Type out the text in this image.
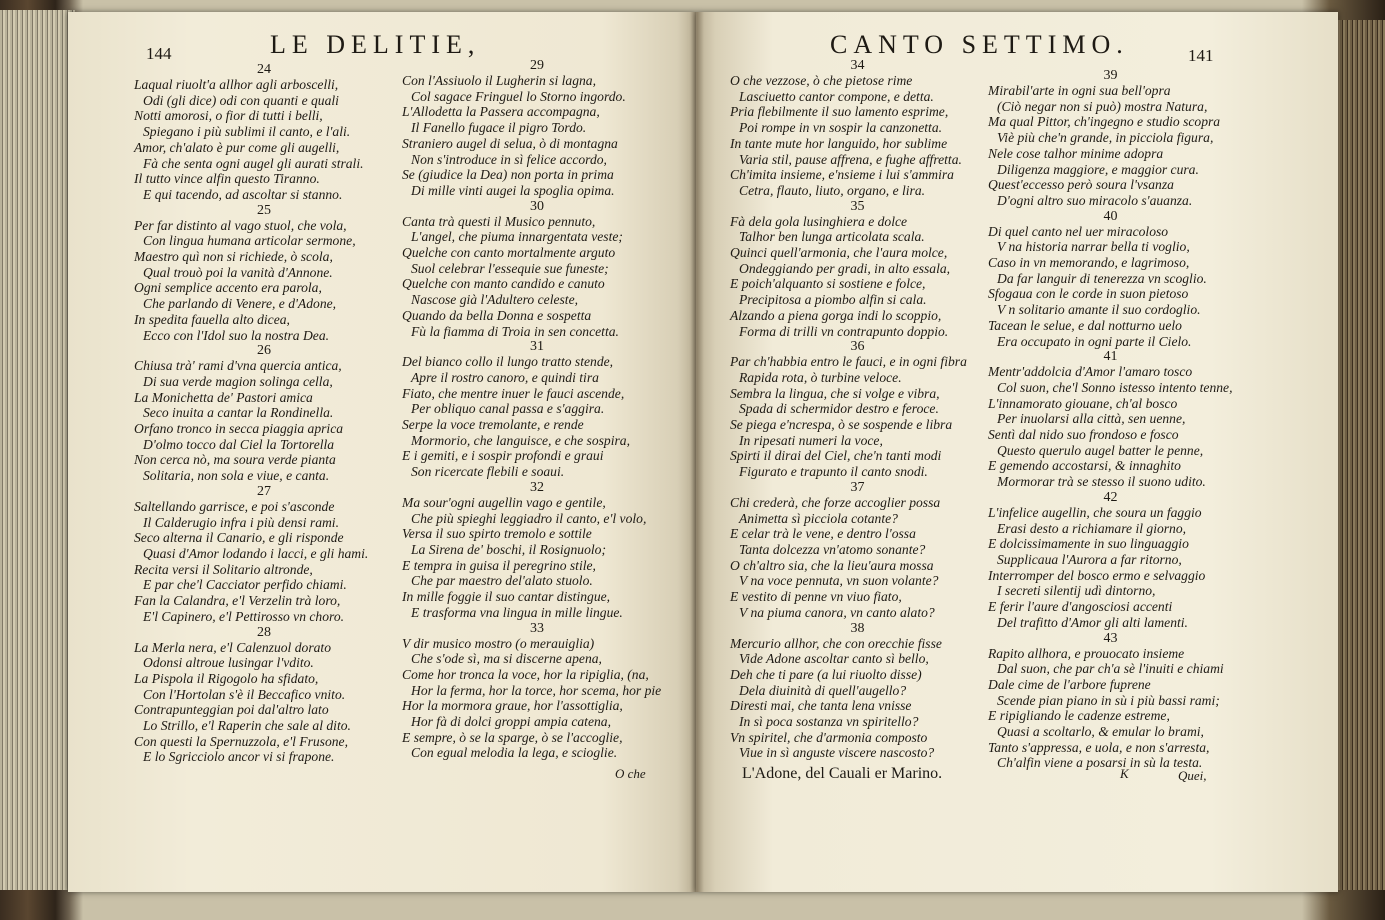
144	LE DELITIE,	CANTO SETTIMO.	141
24
Laqual riuolt'a allhor agli arboscelli,
Odi (gli dice) odi con quanti e quali
Notti amorosi, o fior di tutti i belli,
Spiegano i più sublimi il canto, e l'ali.
Amor, ch'alato è pur come gli augelli,
Fà che senta ogni augel gli aurati strali.
Il tutto vince alfin questo Tiranno.
E qui tacendo, ad ascoltar si stanno.
25
Per far distinto al vago stuol, che vola,
Con lingua humana articolar sermone,
Maestro quì non si richiede, ò scola,
Qual trouò poi la vanità d'Annone.
Ogni semplice accento era parola,
Che parlando di Venere, e d'Adone,
In spedita fauella alto dicea,
Ecco con l'Idol suo la nostra Dea.
26
Chiusa trà' rami d'vna quercia antica,
Di sua verde magion solinga cella,
La Monichetta de' Pastori amica
Seco inuita a cantar la Rondinella.
Orfano tronco in secca piaggia aprica
D'olmo tocco dal Ciel la Tortorella
Non cerca nò, ma soura verde pianta
Solitaria, non sola e viue, e canta.
27
Saltellando garrisce, e poi s'asconde
Il Calderugio infra i più densi rami.
Seco alterna il Canario, e gli risponde
Quasi d'Amor lodando i lacci, e gli hami.
Recita versi il Solitario altronde,
E par che'l Cacciator perfido chiami.
Fan la Calandra, e'l Verzelin trà loro,
E'l Capinero, e'l Pettirosso vn choro.
28
La Merla nera, e'l Calenzuol dorato
Odonsi altroue lusingar l'vdito.
La Pispola il Rigogolo ha sfidato,
Con l'Hortolan s'è il Beccafico vnito.
Contrapunteggian poi dal'altro lato
Lo Strillo, e'l Raperin che sale al dito.
Con questi la Spernuzzola, e'l Frusone,
E lo Sgricciolo ancor vi si frapone.
29
Con l'Assiuolo il Lugherin si lagna,
Col sagace Fringuel lo Storno ingordo.
L'Allodetta la Passera accompagna,
Il Fanello fugace il pigro Tordo.
Straniero augel di selua, ò di montagna
Non s'introduce in sì felice accordo,
Se (giudice la Dea) non porta in prima
Di mille vinti augei la spoglia opima.
30
Canta trà questi il Musico pennuto,
L'angel, che piuma innargentata veste;
Quelche con canto mortalmente arguto
Suol celebrar l'essequie sue funeste;
Quelche con manto candido e canuto
Nascose già l'Adultero celeste,
Quando da bella Donna e sospetta
Fù la fiamma di Troia in sen concetta.
31
Del bianco collo il lungo tratto stende,
Apre il rostro canoro, e quindi tira
Fiato, che mentre inuer le fauci ascende,
Per obliquo canal passa e s'aggira.
Serpe la voce tremolante, e rende
Mormorio, che languisce, e che sospira,
E i gemiti, e i sospir profondi e graui
Son ricercate flebili e soaui.
32
Ma sour'ogni augellin vago e gentile,
Che più spieghi leggiadro il canto, e'l volo,
Versa il suo spirto tremolo e sottile
La Sirena de' boschi, il Rosignuolo;
E tempra in guisa il peregrino stile,
Che par maestro del'alato stuolo.
In mille foggie il suo cantar distingue,
E trasforma vna lingua in mille lingue.
33
V dir musico mostro (o merauiglia)
Che s'ode sì, ma si discerne apena,
Come hor tronca la voce, hor la ripiglia, (na,
Hor la ferma, hor la torce, hor scema, hor pie
Hor la mormora graue, hor l'assottiglia,
Hor fà di dolci groppi ampia catena,
E sempre, ò se la sparge, ò se l'accoglie,
Con egual melodia la lega, e scioglie.
34
O che vezzose, ò che pietose rime
Lasciuetto cantor compone, e detta.
Pria flebilmente il suo lamento esprime,
Poi rompe in vn sospir la canzonetta.
In tante mute hor languido, hor sublime
Varia stil, pause affrena, e fughe affretta.
Ch'imita insieme, e'nsieme i lui s'ammira
Cetra, flauto, liuto, organo, e lira.
35
Fà dela gola lusinghiera e dolce
Talhor ben lunga articolata scala.
Quinci quell'armonia, che l'aura molce,
Ondeggiando per gradi, in alto essala,
E poich'alquanto si sostiene e folce,
Precipitosa a piombo alfin si cala.
Alzando a piena gorga indi lo scoppio,
Forma di trilli vn contrapunto doppio.
36
Par ch'habbia entro le fauci, e in ogni fibra
Rapida rota, ò turbine veloce.
Sembra la lingua, che si volge e vibra,
Spada di schermidor destro e feroce.
Se piega e'ncrespa, ò se sospende e libra
In ripesati numeri la voce,
Spirti il dirai del Ciel, che'n tanti modi
Figurato e trapunto il canto snodi.
37
Chi crederà, che forze accoglier possa
Animetta sì picciola cotante?
E celar trà le vene, e dentro l'ossa
Tanta dolcezza vn'atomo sonante?
O ch'altro sia, che la lieu'aura mossa
V na voce pennuta, vn suon volante?
E vestito di penne vn viuo fiato,
V na piuma canora, vn canto alato?
38
Mercurio allhor, che con orecchie fisse
Vide Adone ascoltar canto sì bello,
Deh che ti pare (a lui riuolto disse)
Dela diuinità di quell'augello?
Diresti mai, che tanta lena vnisse
In sì poca sostanza vn spiritello?
Vn spiritel, che d'armonia composto
Viue in sì anguste viscere nascosto?
39
Mirabil'arte in ogni sua bell'opra
(Ciò negar non si può) mostra Natura,
Ma qual Pittor, ch'ingegno e studio scopra
Viè più che'n grande, in picciola figura,
Nele cose talhor minime adopra
Diligenza maggiore, e maggior cura.
Quest'eccesso però soura l'vsanza
D'ogni altro suo miracolo s'auanza.
40
Di quel canto nel uer miracoloso
V na historia narrar bella ti voglio,
Caso in vn memorando, e lagrimoso,
Da far languir di tenerezza vn scoglio.
Sfogaua con le corde in suon pietoso
V n solitario amante il suo cordoglio.
Tacean le selue, e dal notturno uelo
Era occupato in ogni parte il Cielo.
41
Mentr'addolcia d'Amor l'amaro tosco
Col suon, che'l Sonno istesso intento tenne,
L'innamorato giouane, ch'al bosco
Per inuolarsi alla città, sen uenne,
Sentì dal nido suo frondoso e fosco
Questo querulo augel batter le penne,
E gemendo accostarsi, & innaghito
Mormorar trà se stesso il suono udito.
42
L'infelice augellin, che soura un faggio
Erasi desto a richiamare il giorno,
E dolcissimamente in suo linguaggio
Supplicaua l'Aurora a far ritorno,
Interromper del bosco ermo e selvaggio
I secreti silentij udì dintorno,
E ferir l'aure d'angosciosi accenti
Del trafitto d'Amor gli alti lamenti.
43
Rapito allhora, e prouocato insieme
Dal suon, che par ch'a sè l'inuiti e chiami
Dale cime de l'arbore fuprene
Scende pian piano in sù i più bassi rami;
E ripigliando le cadenze estreme,
Quasi a scoltarlo, & emular lo brami,
Tanto s'appressa, e uola, e non s'arresta,
Ch'alfin viene a posarsi in sù la testa.
O che	L'Adone, del Cauali er Marino.	K	Quei,
